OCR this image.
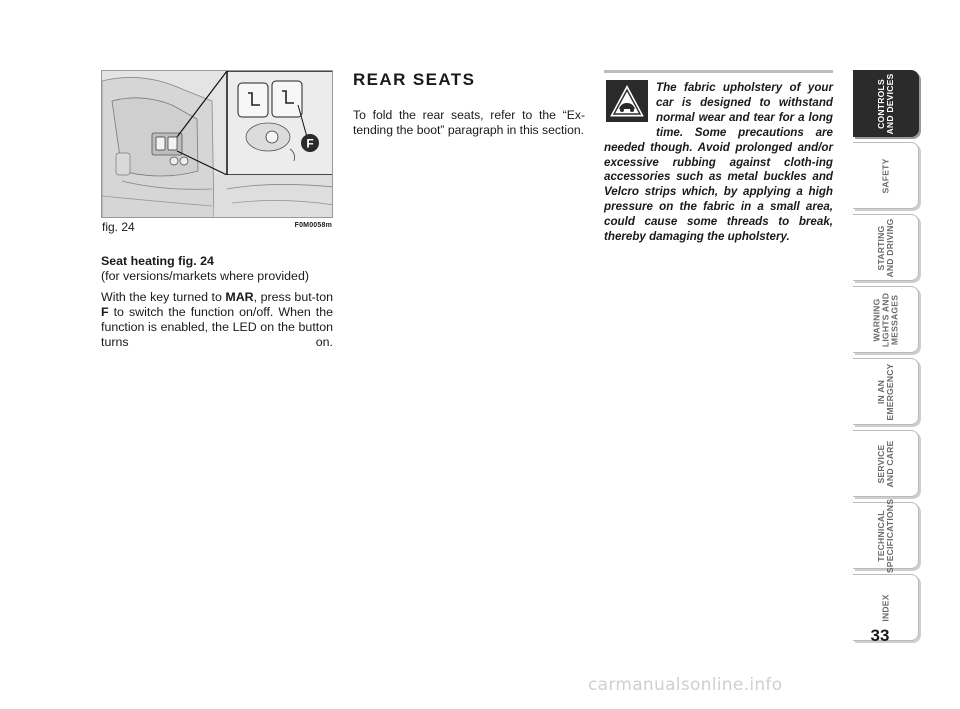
F
fig. 24	F0M0058m

Seat heating fig. 24

(for versions/markets where provided)

With the key turned to MAR, press but-ton F to switch the function on/off. When the function is enabled, the LED on the button turns on.

REAR SEATS
To fold the rear seats, refer to the “Ex-tending the boot” paragraph in this section.
The fabric upholstery of your car is designed to withstand normal wear and tear for a long time. Some precautions are needed though. Avoid prolonged and/or excessive rubbing against cloth-ing accessories such as metal buckles and Velcro strips which, by applying a high pressure on the fabric in a small area, could cause some threads to break, thereby damaging the upholstery.
CONTROLS
AND DEVICES
SAFETY
STARTING
AND DRIVING
WARNING
LIGHTS AND
MESSAGES
IN AN
EMERGENCY
SERVICE
AND CARE
TECHNICAL
SPECIFICATIONS
INDEX
33
carmanualsonline.info
